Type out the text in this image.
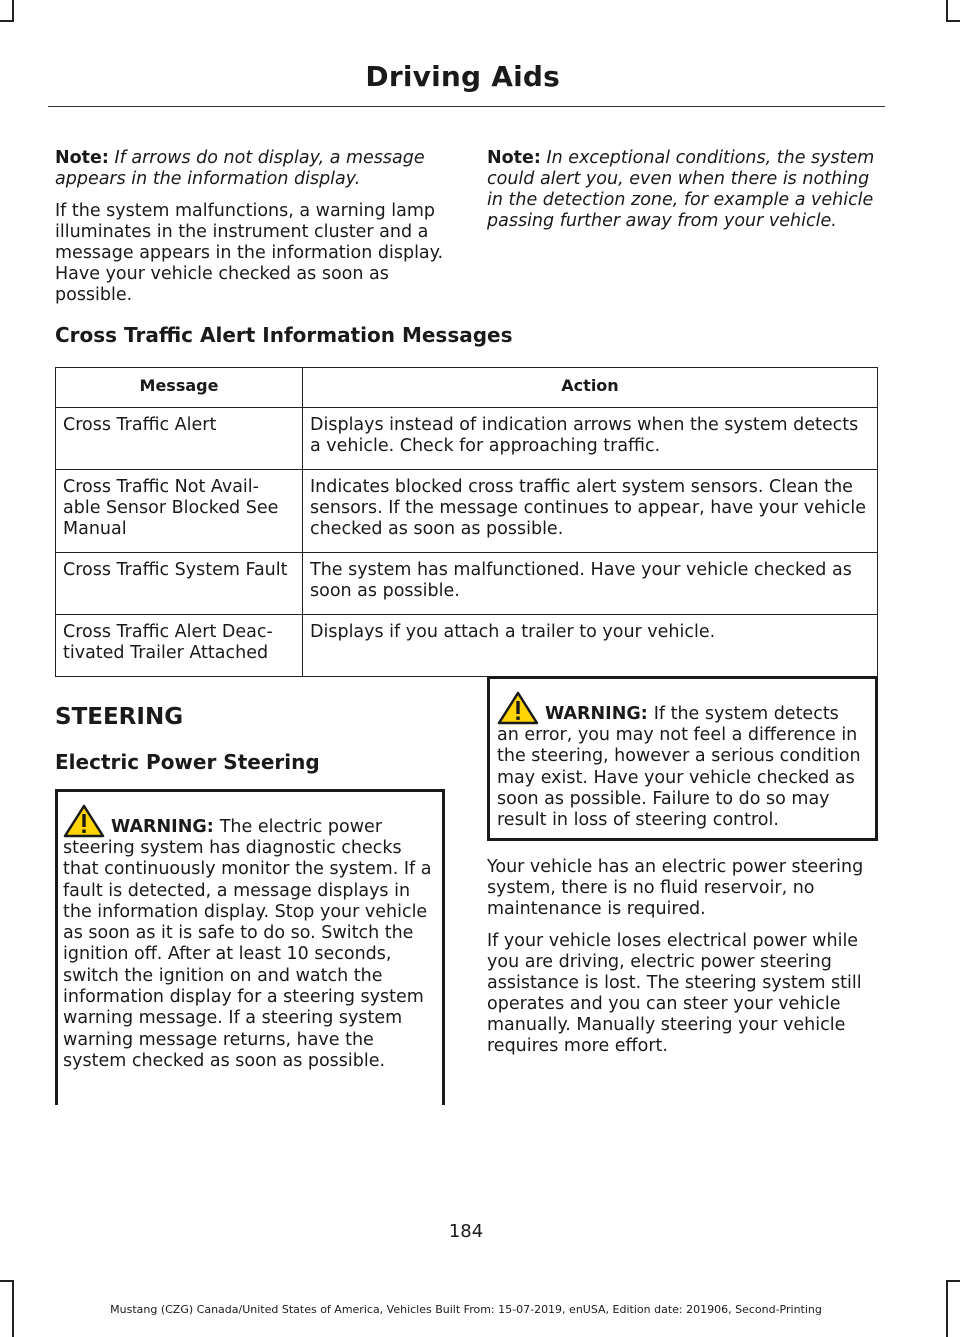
Driving Aids

Note: If arrows do not display, a message appears in the information display.

If the system malfunctions, a warning lamp illuminates in the instrument cluster and a message appears in the information display. Have your vehicle checked as soon as possible.

Note: In exceptional conditions, the system could alert you, even when there is nothing in the detection zone, for example a vehicle passing further away from your vehicle.

Cross Traffic Alert Information Messages
Message	Action
Cross Traffic Alert	Displays instead of indication arrows when the system detects a vehicle. Check for approaching traffic.
Cross Traffic Not Avail-able Sensor Blocked See Manual	Indicates blocked cross traffic alert system sensors. Clean the sensors. If the message continues to appear, have your vehicle checked as soon as possible.
Cross Traffic System Fault	The system has malfunctioned. Have your vehicle checked as soon as possible.
Cross Traffic Alert Deac-tivated Trailer Attached	Displays if you attach a trailer to your vehicle.
STEERING
Electric Power Steering
WARNING: The electric power
steering system has diagnostic checks that continuously monitor the system. If a fault is detected, a message displays in the information display. Stop your vehicle as soon as it is safe to do so. Switch the ignition off. After at least 10 seconds, switch the ignition on and watch the information display for a steering system warning message. If a steering system warning message returns, have the system checked as soon as possible.
WARNING: If the system detects
an error, you may not feel a difference in the steering, however a serious condition may exist. Have your vehicle checked as soon as possible. Failure to do so may result in loss of steering control.

Your vehicle has an electric power steering system, there is no fluid reservoir, no maintenance is required.

If your vehicle loses electrical power while you are driving, electric power steering assistance is lost. The steering system still operates and you can steer your vehicle manually. Manually steering your vehicle requires more effort.

184
Mustang (CZG) Canada/United States of America, Vehicles Built From: 15-07-2019, enUSA, Edition date: 201906, Second-Printing
